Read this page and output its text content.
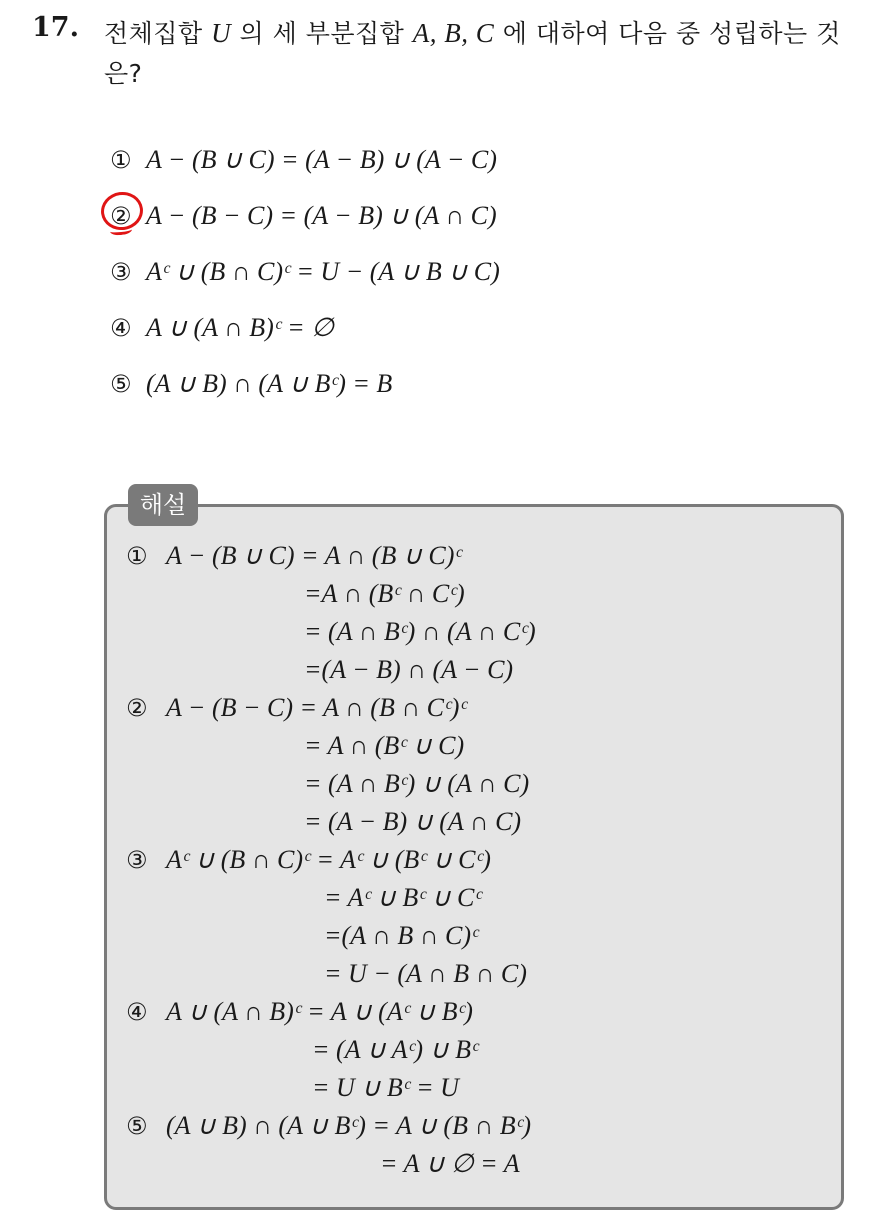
17. 전체집합 U 의 세 부분집합 A, B, C 에 대하여 다음 중 성립하는 것
은?
① A − (B ∪ C) = (A − B) ∪ (A − C)
② A − (B − C) = (A − B) ∪ (A ∩ C)
③ Aᶜ ∪ (B ∩ C)ᶜ = U − (A ∪ B ∪ C)
④ A ∪ (A ∩ B)ᶜ = ∅
⑤ (A ∪ B) ∩ (A ∪ Bᶜ) = B
해설
① A − (B ∪ C) = A ∩ (B ∪ C)ᶜ
=A ∩ (Bᶜ ∩ Cᶜ)
= (A ∩ Bᶜ) ∩ (A ∩ Cᶜ)
=(A − B) ∩ (A − C)
② A − (B − C) = A ∩ (B ∩ Cᶜ)ᶜ
= A ∩ (Bᶜ ∪ C)
= (A ∩ Bᶜ) ∪ (A ∩ C)
= (A − B) ∪ (A ∩ C)
③ Aᶜ ∪ (B ∩ C)ᶜ = Aᶜ ∪ (Bᶜ ∪ Cᶜ)
= Aᶜ ∪ Bᶜ ∪ Cᶜ
=(A ∩ B ∩ C)ᶜ
= U − (A ∩ B ∩ C)
④ A ∪ (A ∩ B)ᶜ = A ∪ (Aᶜ ∪ Bᶜ)
= (A ∪ Aᶜ) ∪ Bᶜ
= U ∪ Bᶜ = U
⑤ (A ∪ B) ∩ (A ∪ Bᶜ) = A ∪ (B ∩ Bᶜ)
= A ∪ ∅ = A
